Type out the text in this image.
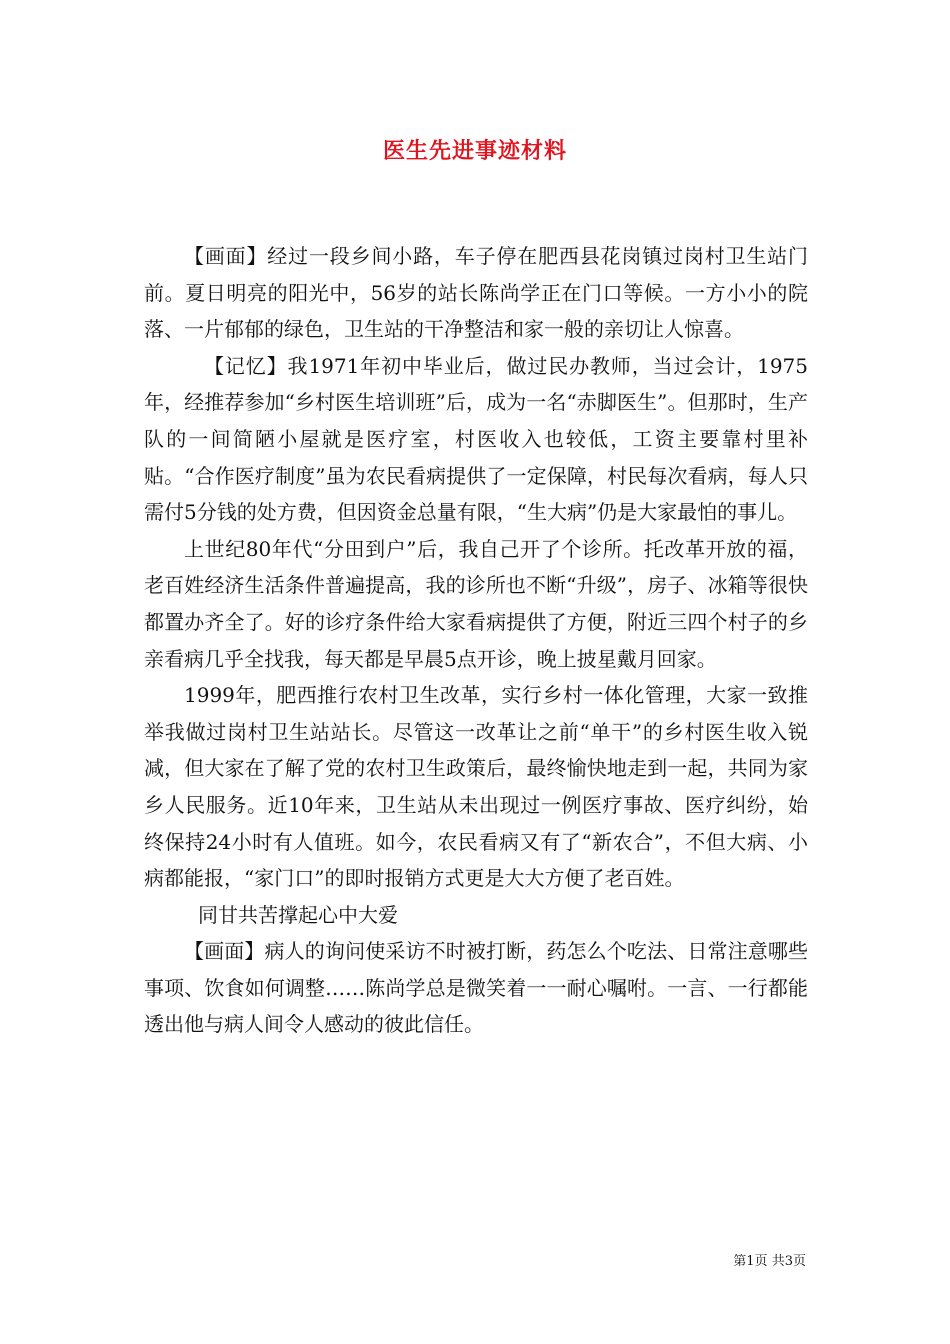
医生先进事迹材料

【画面】经过一段乡间小路，车子停在肥西县花岗镇过岗村卫生站门前。夏日明亮的阳光中，56岁的站长陈尚学正在门口等候。一方小小的院落、一片郁郁的绿色，卫生站的干净整洁和家一般的亲切让人惊喜。

【记忆】我1971年初中毕业后，做过民办教师，当过会计，1975年，经推荐参加“乡村医生培训班”后，成为一名“赤脚医生”。但那时，生产队的一间简陋小屋就是医疗室，村医收入也较低，工资主要靠村里补贴。“合作医疗制度”虽为农民看病提供了一定保障，村民每次看病，每人只需付5分钱的处方费，但因资金总量有限，“生大病”仍是大家最怕的事儿。

上世纪80年代“分田到户”后，我自己开了个诊所。托改革开放的福，老百姓经济生活条件普遍提高，我的诊所也不断“升级”，房子、冰箱等很快都置办齐全了。好的诊疗条件给大家看病提供了方便，附近三四个村子的乡亲看病几乎全找我，每天都是早晨5点开诊，晚上披星戴月回家。

1999年，肥西推行农村卫生改革，实行乡村一体化管理，大家一致推举我做过岗村卫生站站长。尽管这一改革让之前“单干”的乡村医生收入锐减，但大家在了解了党的农村卫生政策后，最终愉快地走到一起，共同为家乡人民服务。近10年来，卫生站从未出现过一例医疗事故、医疗纠纷，始终保持24小时有人值班。如今，农民看病又有了“新农合”，不但大病、小病都能报，“家门口”的即时报销方式更是大大方便了老百姓。

同甘共苦撑起心中大爱

【画面】病人的询问使采访不时被打断，药怎么个吃法、日常注意哪些事项、饮食如何调整……陈尚学总是微笑着一一耐心嘱咐。一言、一行都能透出他与病人间令人感动的彼此信任。

第1页 共3页
